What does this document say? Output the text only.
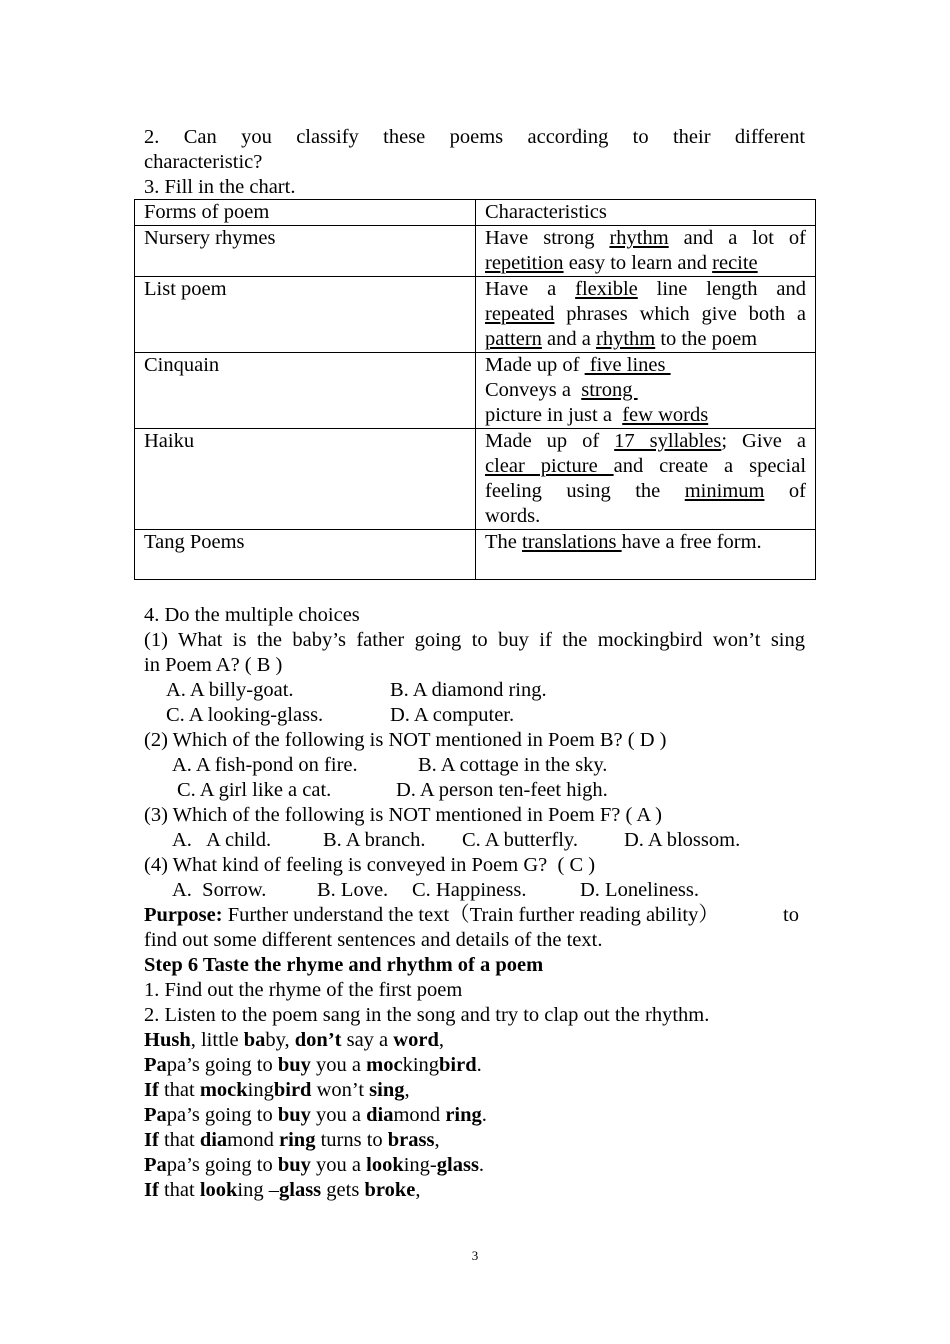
2. Can you classify these poems according to their different
characteristic?
3. Fill in the chart.
Forms of poem	Characteristics
Nursery rhymes	Have strong rhythm and a lot of
repetition easy to learn and recite

List poem	Have a flexible line length and
repeated phrases which give both a
pattern and a rhythm to the poem

Cinquain	Made up of  five lines
Conveys a  strong
picture in just a  few words

Haiku	Made up of 17 syllables; Give a
clear picture and create a special
feeling using the minimum of
words.

Tang Poems	The translations have a free form.
4. Do the multiple choices
(1) What is the baby’s father going to buy if the mockingbird won’t sing
in Poem A? ( B )
A. A billy-goat.	B. A diamond ring.
C. A looking-glass.	D. A computer.
(2) Which of the following is NOT mentioned in Poem B? ( D )
A. A fish-pond on fire.	B. A cottage in the sky.
C. A girl like a cat.	D. A person ten-feet high.
(3) Which of the following is NOT mentioned in Poem F? ( A )
A.   A child.	B. A branch. C. A butterfly. D. A blossom.
(4) What kind of feeling is conveyed in Poem G?  ( C )
A.  Sorrow. B. Love. C. Happiness.	D. Loneliness.
Purpose: Further understand the text（Train further reading ability）	to
find out some different sentences and details of the text.
Step 6 Taste the rhyme and rhythm of a poem
1. Find out the rhyme of the first poem
2. Listen to the poem sang in the song and try to clap out the rhythm.
Hush, little baby, don’t say a word,
Papa’s going to buy you a mockingbird.
If that mockingbird won’t sing,
Papa’s going to buy you a diamond ring.
If that diamond ring turns to brass,
Papa’s going to buy you a looking-glass.
If that looking –glass gets broke,
3
